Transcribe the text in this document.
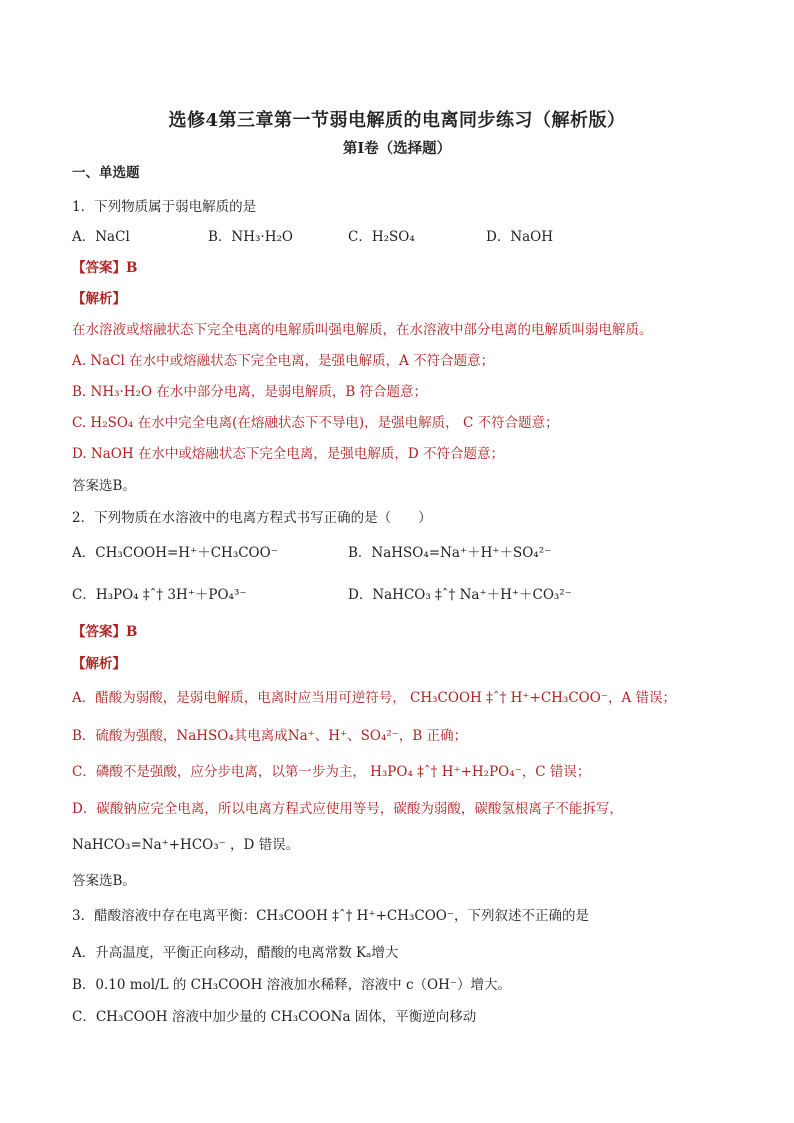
选修4第三章第一节弱电解质的电离同步练习（解析版）
第I卷（选择题）
一、单选题
1．下列物质属于弱电解质的是
A．NaCl	B．NH₃·H₂O	C．H₂SO₄	D．NaOH
【答案】B
【解析】
在水溶液或熔融状态下完全电离的电解质叫强电解质，在水溶液中部分电离的电解质叫弱电解质。
A. NaCl 在水中或熔融状态下完全电离，是强电解质，A 不符合题意；
B. NH₃·H₂O 在水中部分电离，是弱电解质，B 符合题意；
C. H₂SO₄ 在水中完全电离(在熔融状态下不导电)，是强电解质， C 不符合题意；
D. NaOH 在水中或熔融状态下完全电离，是强电解质，D 不符合题意；
答案选B。
2．下列物质在水溶液中的电离方程式书写正确的是（　　）
A．CH₃COOH=H⁺＋CH₃COO⁻	B．NaHSO₄=Na⁺＋H⁺＋SO₄²⁻
C．H₃PO₄ ‡ˆ† 3H⁺＋PO₄³⁻	D．NaHCO₃ ‡ˆ† Na⁺＋H⁺＋CO₃²⁻
【答案】B
【解析】
A．醋酸为弱酸，是弱电解质，电离时应当用可逆符号， CH₃COOH ‡ˆ† H⁺+CH₃COO⁻，A 错误；
B．硫酸为强酸，NaHSO₄其电离成Na⁺、H⁺、SO₄²⁻，B 正确；
C．磷酸不是强酸，应分步电离，以第一步为主， H₃PO₄ ‡ˆ† H⁺+H₂PO₄⁻，C 错误；
D．碳酸钠应完全电离，所以电离方程式应使用等号，碳酸为弱酸，碳酸氢根离子不能拆写，
NaHCO₃=Na⁺+HCO₃⁻ ，D 错误。
答案选B。
3．醋酸溶液中存在电离平衡：CH₃COOH ‡ˆ† H⁺+CH₃COO⁻，下列叙述不正确的是
A．升高温度，平衡正向移动，醋酸的电离常数 Kₐ增大
B．0.10 mol/L 的 CH₃COOH 溶液加水稀释，溶液中 c（OH⁻）增大。
C．CH₃COOH 溶液中加少量的 CH₃COONa 固体，平衡逆向移动
